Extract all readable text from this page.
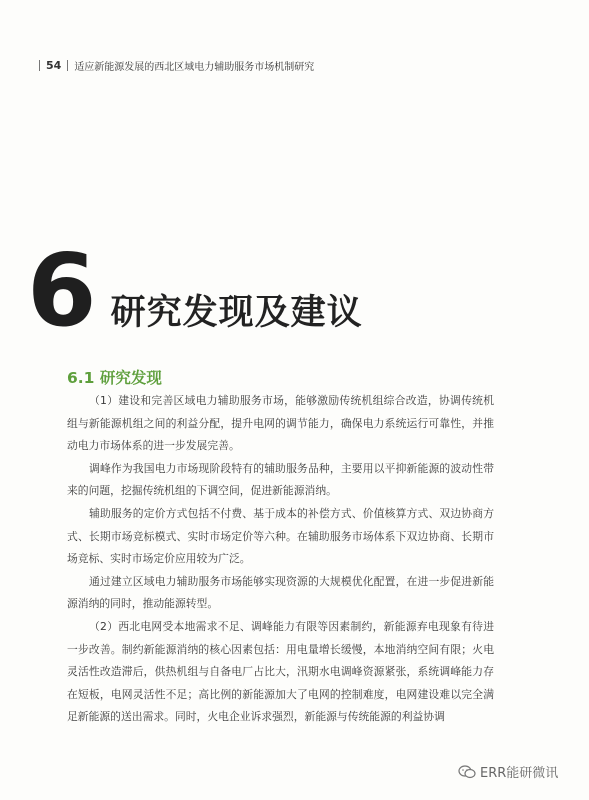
54 适应新能源发展的西北区域电力辅助服务市场机制研究
6 研究发现及建议
6.1 研究发现

（1）建设和完善区域电力辅助服务市场，能够激励传统机组综合改造，协调传统机组与新能源机组之间的利益分配，提升电网的调节能力，确保电力系统运行可靠性，并推动电力市场体系的进一步发展完善。

调峰作为我国电力市场现阶段特有的辅助服务品种，主要用以平抑新能源的波动性带来的问题，挖掘传统机组的下调空间，促进新能源消纳。

辅助服务的定价方式包括不付费、基于成本的补偿方式、价值核算方式、双边协商方式、长期市场竞标模式、实时市场定价等六种。在辅助服务市场体系下双边协商、长期市场竞标、实时市场定价应用较为广泛。

通过建立区域电力辅助服务市场能够实现资源的大规模优化配置，在进一步促进新能源消纳的同时，推动能源转型。

（2）西北电网受本地需求不足、调峰能力有限等因素制约，新能源弃电现象有待进一步改善。制约新能源消纳的核心因素包括：用电量增长缓慢，本地消纳空间有限；火电灵活性改造滞后，供热机组与自备电厂占比大，汛期水电调峰资源紧张，系统调峰能力存在短板，电网灵活性不足；高比例的新能源加大了电网的控制难度，电网建设难以完全满足新能源的送出需求。同时，火电企业诉求强烈，新能源与传统能源的利益协调

ERR能研微讯
